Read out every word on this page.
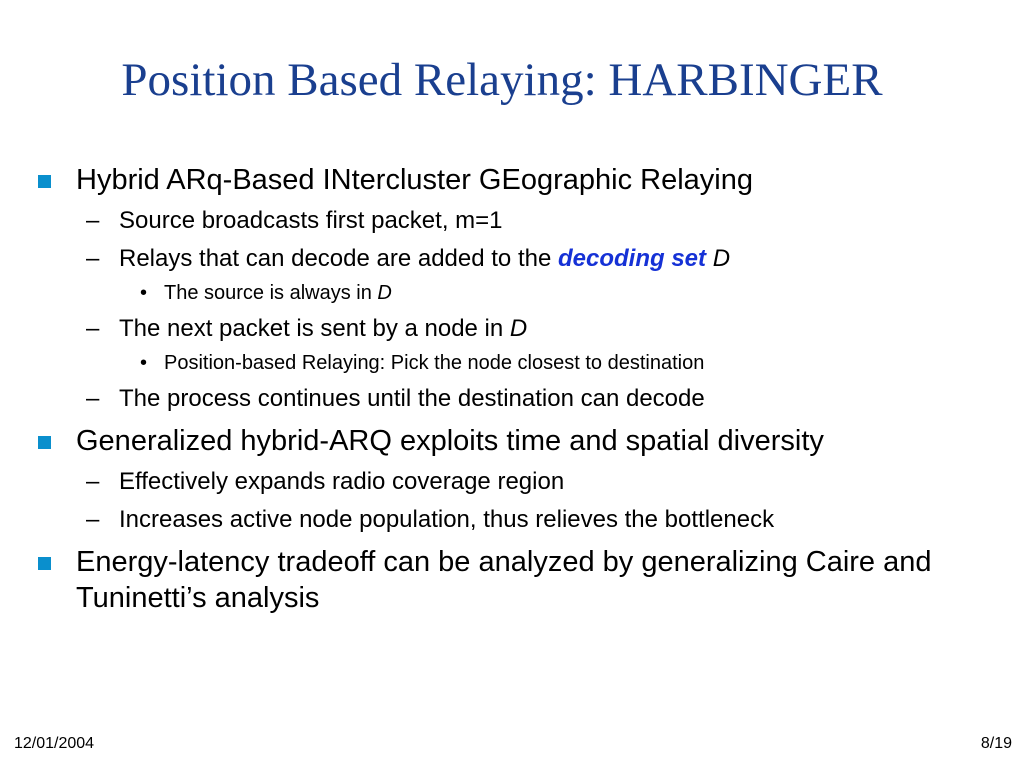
Position Based Relaying: HARBINGER
Hybrid ARq-Based INtercluster GEographic Relaying
– Source broadcasts first packet, m=1
– Relays that can decode are added to the decoding set D
• The source is always in D
– The next packet is sent by a node in D
• Position-based Relaying: Pick the node closest to destination
– The process continues until the destination can decode
Generalized hybrid-ARQ exploits time and spatial diversity
– Effectively expands radio coverage region
– Increases active node population, thus relieves the bottleneck
Energy-latency tradeoff can be analyzed by generalizing Caire and Tuninetti’s analysis
12/01/2004	8/19
